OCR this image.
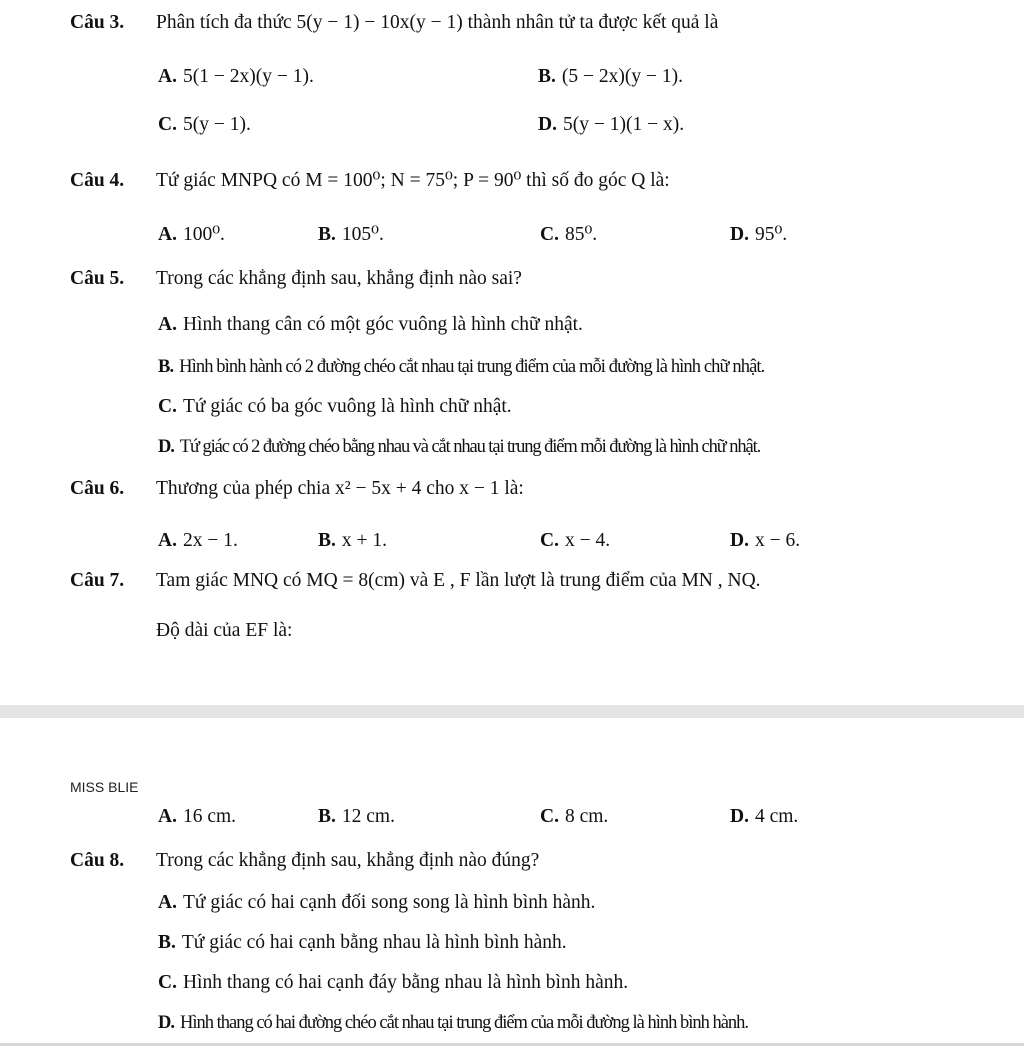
Câu 3. Phân tích đa thức 5(y − 1) − 10x(y − 1) thành nhân tử ta được kết quả là
A. 5(1 − 2x)(y − 1).	B. (5 − 2x)(y − 1).
C. 5(y − 1).	D. 5(y − 1)(1 − x).
Câu 4. Tứ giác MNPQ có M = 100⁰; N = 75⁰; P = 90⁰ thì số đo góc Q là:
A. 100⁰.	B. 105⁰.	C. 85⁰.	D. 95⁰.
Câu 5. Trong các khẳng định sau, khẳng định nào sai?
A. Hình thang cân có một góc vuông là hình chữ nhật.
B. Hình bình hành có 2 đường chéo cắt nhau tại trung điểm của mỗi đường là hình chữ nhật.
C. Tứ giác có ba góc vuông là hình chữ nhật.
D. Tứ giác có 2 đường chéo bằng nhau và cắt nhau tại trung điểm mỗi đường là hình chữ nhật.
Câu 6. Thương của phép chia x² − 5x + 4 cho x − 1 là:
A. 2x − 1.	B. x + 1.	C. x − 4.	D. x − 6.
Câu 7. Tam giác MNQ có MQ = 8(cm) và E , F lần lượt là trung điểm của MN , NQ.
Độ dài của EF là:
MISS BLIE
A. 16 cm.	B. 12 cm.	C. 8 cm.	D. 4 cm.
Câu 8. Trong các khẳng định sau, khẳng định nào đúng?
A. Tứ giác có hai cạnh đối song song là hình bình hành.
B. Tứ giác có hai cạnh bằng nhau là hình bình hành.
C. Hình thang có hai cạnh đáy bằng nhau là hình bình hành.
D. Hình thang có hai đường chéo cắt nhau tại trung điểm của mỗi đường là hình bình hành.
